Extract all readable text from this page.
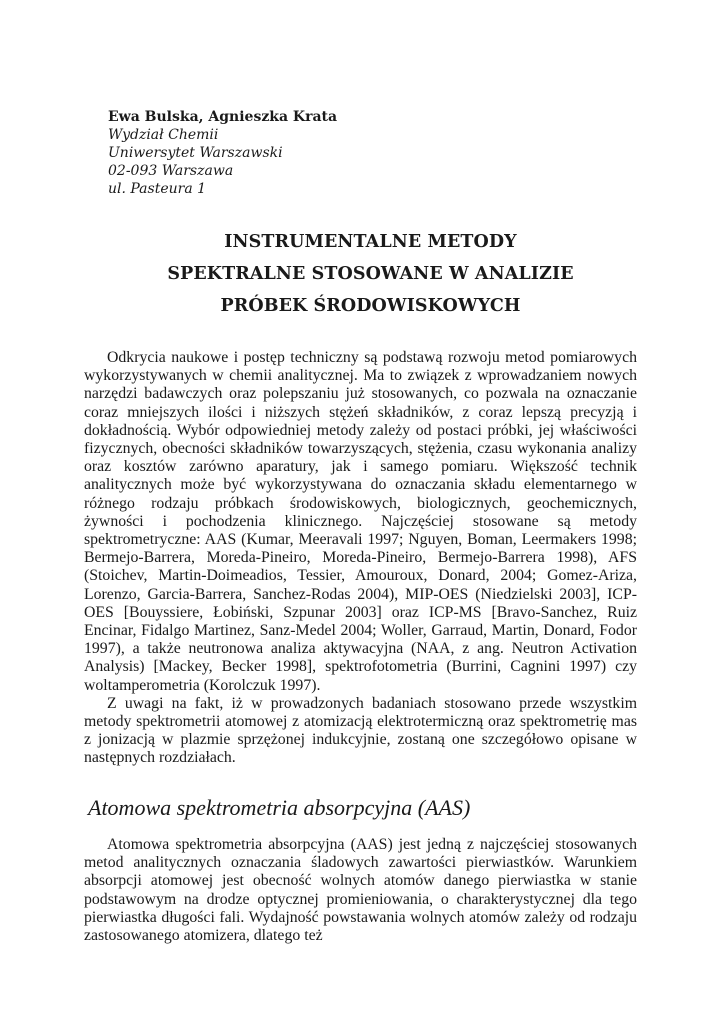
Ewa Bulska, Agnieszka Krata
Wydział Chemii
Uniwersytet Warszawski
02-093 Warszawa
ul. Pasteura 1
INSTRUMENTALNE METODY
SPEKTRALNE STOSOWANE W ANALIZIE
PRÓBEK ŚRODOWISKOWYCH

Odkrycia naukowe i postęp techniczny są podstawą rozwoju metod pomiarowych wykorzystywanych w chemii analitycznej. Ma to związek z wprowadzaniem nowych narzędzi badawczych oraz polepszaniu już stosowanych, co pozwala na oznaczanie coraz mniejszych ilości i niższych stężeń składników, z coraz lepszą precyzją i dokładnością. Wybór odpowiedniej metody zależy od postaci próbki, jej właściwości fizycznych, obecności składników towarzyszących, stężenia, czasu wykonania analizy oraz kosztów zarówno aparatury, jak i samego pomiaru. Większość technik analitycznych może być wykorzystywana do oznaczania składu elementarnego w różnego rodzaju próbkach środowiskowych, biologicznych, geochemicznych, żywności i pochodzenia klinicznego. Najczęściej stosowane są metody spektrometryczne: AAS (Kumar, Meeravali 1997; Nguyen, Boman, Leermakers 1998; Bermejo-Barrera, Moreda-Pineiro, Moreda-Pineiro, Bermejo-Barrera 1998), AFS (Stoichev, Martin-Doimeadios, Tessier, Amouroux, Donard, 2004; Gomez-Ariza, Lorenzo, Garcia-Barrera, Sanchez-Rodas 2004), MIP-OES (Niedzielski 2003], ICP-OES [Bouyssiere, Łobiński, Szpunar 2003] oraz ICP-MS [Bravo-Sanchez, Ruiz Encinar, Fidalgo Martinez, Sanz-Medel 2004; Woller, Garraud, Martin, Donard, Fodor 1997), a także neutronowa analiza aktywacyjna (NAA, z ang. Neutron Activation Analysis) [Mackey, Becker 1998], spektrofotometria (Burrini, Cagnini 1997) czy woltamperometria (Korolczuk 1997).

Z uwagi na fakt, iż w prowadzonych badaniach stosowano przede wszystkim metody spektrometrii atomowej z atomizacją elektrotermiczną oraz spektrometrię mas z jonizacją w plazmie sprzężonej indukcyjnie, zostaną one szczegółowo opisane w następnych rozdziałach.

Atomowa spektrometria absorpcyjna (AAS)

Atomowa spektrometria absorpcyjna (AAS) jest jedną z najczęściej stosowanych metod analitycznych oznaczania śladowych zawartości pierwiastków. Warunkiem absorpcji atomowej jest obecność wolnych atomów danego pierwiastka w stanie podstawowym na drodze optycznej promieniowania, o charakterystycznej dla tego pierwiastka długości fali. Wydajność powstawania wolnych atomów zależy od rodzaju zastosowanego atomizera, dlatego też
